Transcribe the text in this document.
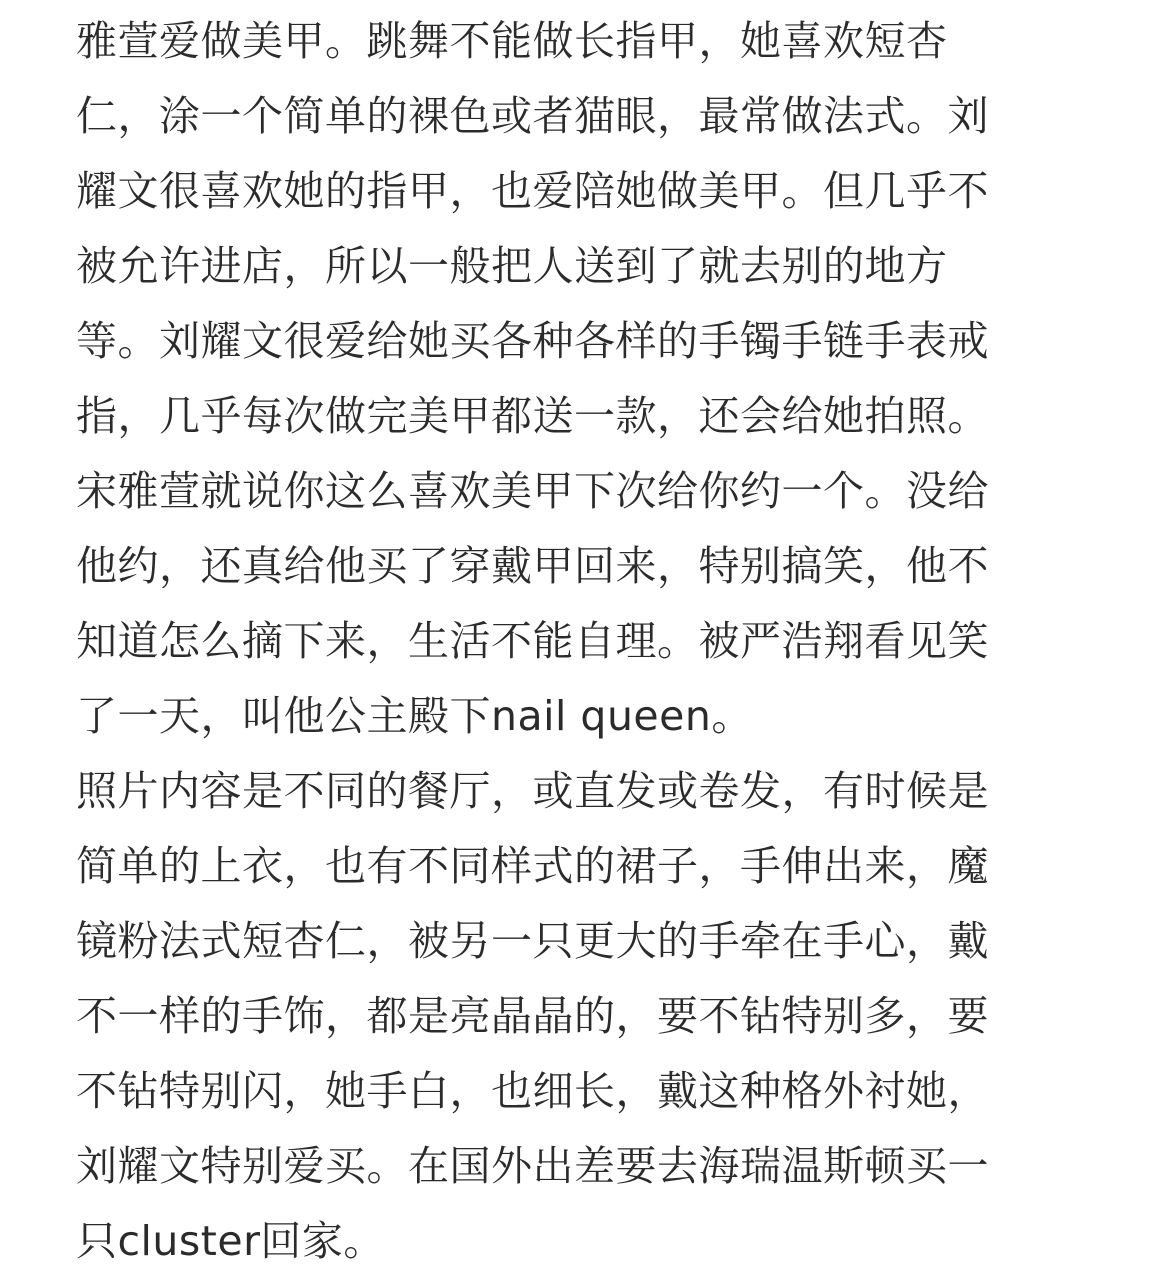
雅萱爱做美甲。跳舞不能做长指甲，她喜欢短杏
仁，涂一个简单的裸色或者猫眼，最常做法式。刘
耀文很喜欢她的指甲，也爱陪她做美甲。但几乎不
被允许进店，所以一般把人送到了就去别的地方
等。刘耀文很爱给她买各种各样的手镯手链手表戒
指，几乎每次做完美甲都送一款，还会给她拍照。
宋雅萱就说你这么喜欢美甲下次给你约一个。没给
他约，还真给他买了穿戴甲回来，特别搞笑，他不
知道怎么摘下来，生活不能自理。被严浩翔看见笑
了一天，叫他公主殿下nail queen。
照片内容是不同的餐厅，或直发或卷发，有时候是
简单的上衣，也有不同样式的裙子，手伸出来，魔
镜粉法式短杏仁，被另一只更大的手牵在手心，戴
不一样的手饰，都是亮晶晶的，要不钻特别多，要
不钻特别闪，她手白，也细长，戴这种格外衬她，
刘耀文特别爱买。在国外出差要去海瑞温斯顿买一
只cluster回家。
